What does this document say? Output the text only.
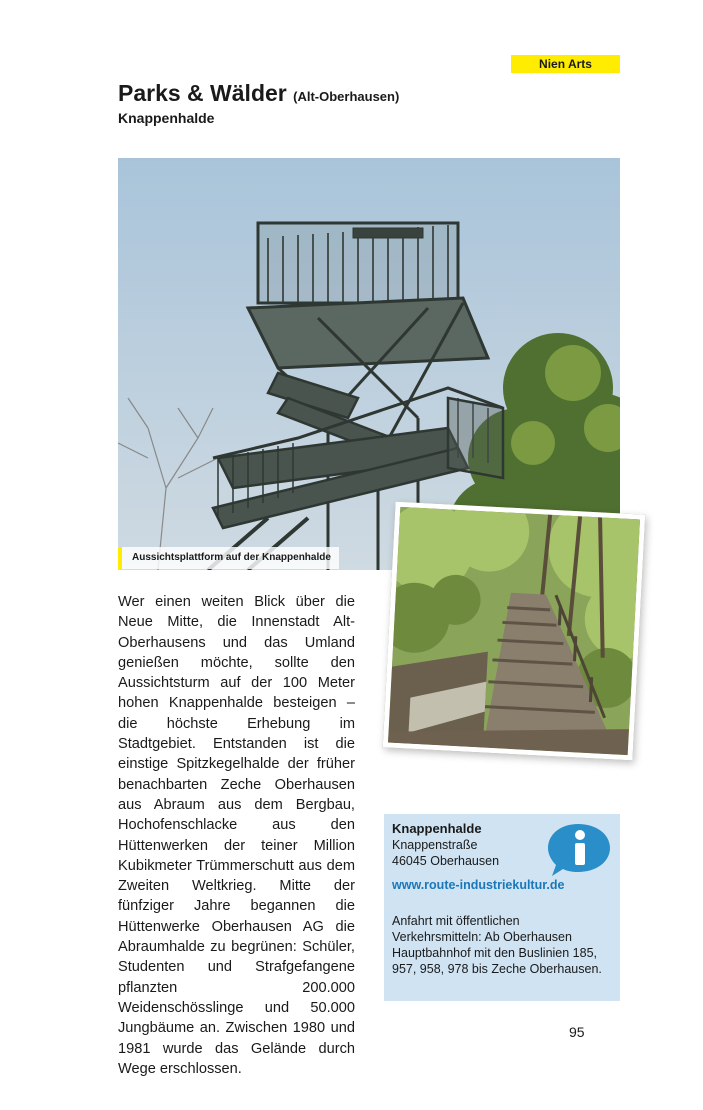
Nien Arts
Parks & Wälder (Alt-Oberhausen)
Knappenhalde
Aussichtsplattform auf der Knappenhalde

Wer einen weiten Blick über die Neue Mitte, die Innenstadt Alt-Oberhausens und das Umland genießen möchte, sollte den Aussichtsturm auf der 100 Meter hohen Knappenhalde besteigen – die höchste Erhebung im Stadtgebiet. Entstanden ist die einstige Spitzkegelhalde der früher benachbarten Zeche Oberhausen aus Abraum aus dem Bergbau, Hochofenschlacke aus den Hüttenwerken der teiner Million Kubikmeter Trümmerschutt aus dem Zweiten Weltkrieg. Mitte der fünfziger Jahre begannen die Hüttenwerke Oberhausen AG die Abraumhalde zu begrünen: Schüler, Studenten und Strafgefangene pflanzten 200.000 Weidenschösslinge und 50.000 Jungbäume an. Zwischen 1980 und 1981 wurde das Gelände durch Wege erschlossen.

Knappenhalde
Knappenstraße
46045 Oberhausen
www.route-industriekultur.de
Anfahrt mit öffentlichen Verkehrsmitteln: Ab Oberhausen Hauptbahnhof mit den Buslinien 185, 957, 958, 978 bis Zeche Oberhausen.
95
